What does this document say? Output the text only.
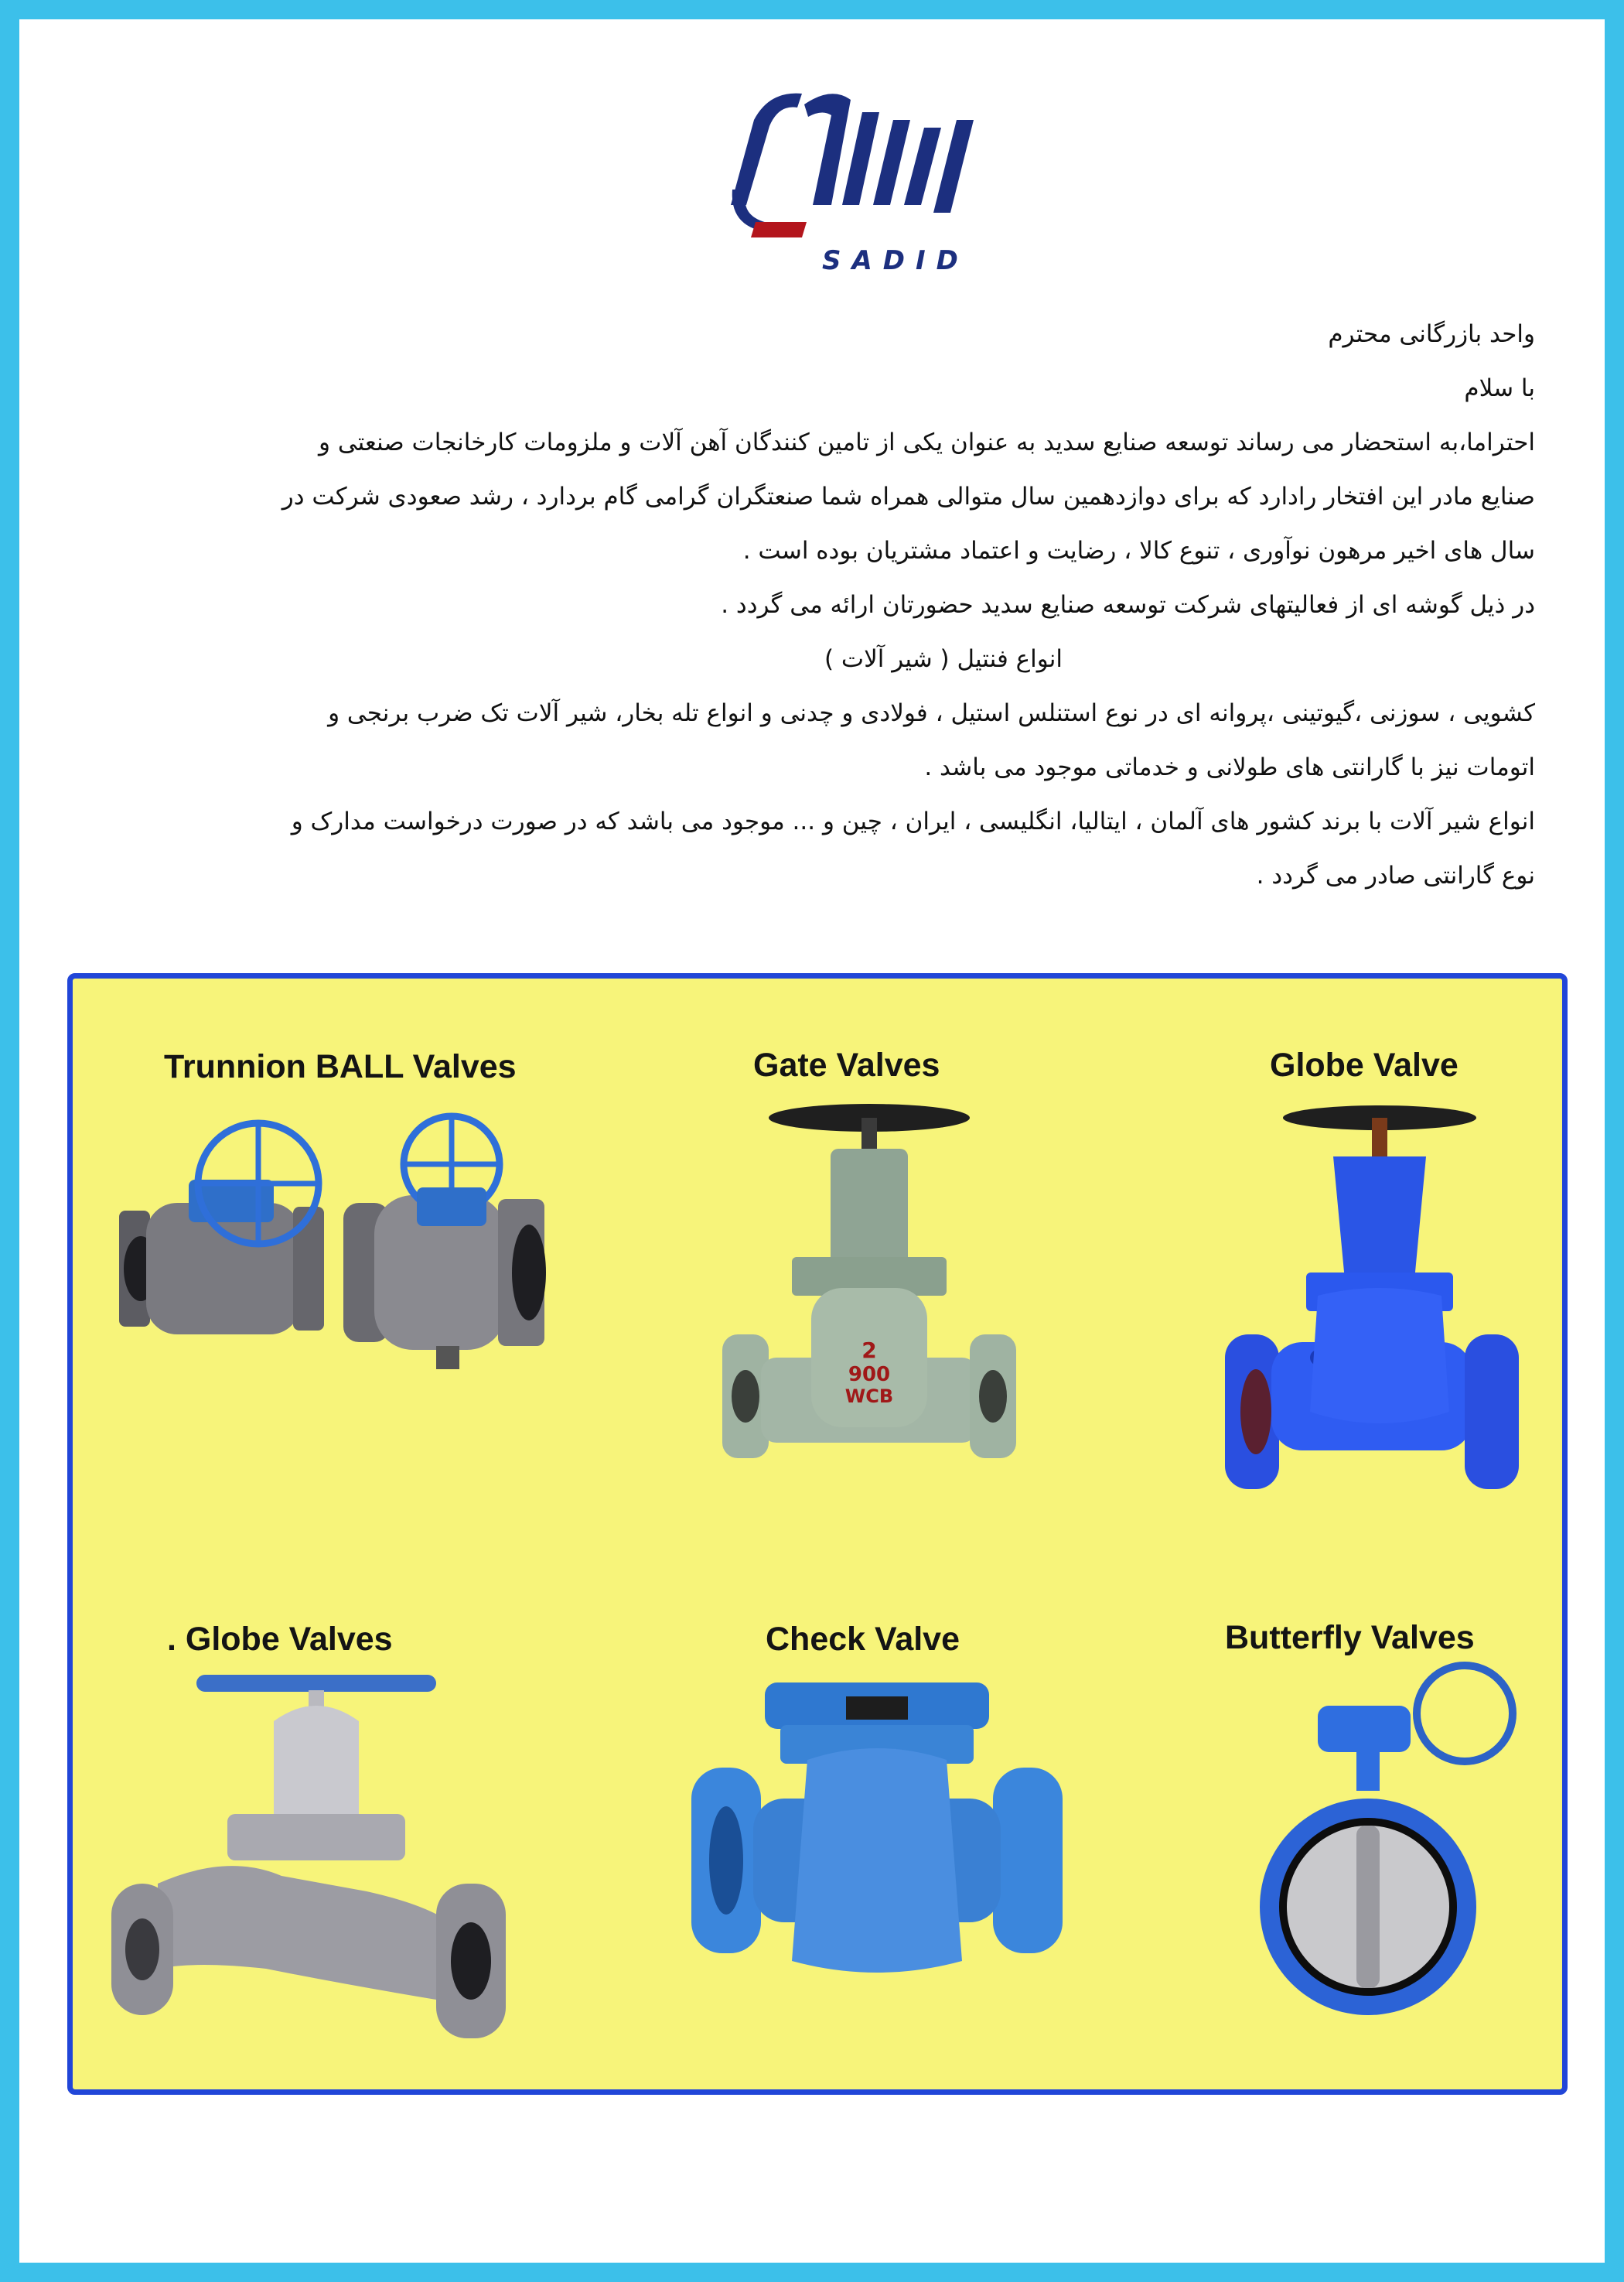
SADID

واحد بازرگانی محترم

با سلام

احتراما،به استحضار می رساند توسعه صنایع سدید به عنوان یکی از تامین کنندگان آهن آلات و ملزومات کارخانجات صنعتی و

صنایع مادر این افتخار رادارد که برای دوازدهمین سال متوالی همراه شما صنعتگران گرامی گام بردارد ، رشد صعودی شرکت در

سال های اخیر مرهون نوآوری ، تنوع کالا ، رضایت و اعتماد مشتریان بوده است .

در ذیل گوشه ای از فعالیتهای شرکت توسعه صنایع سدید حضورتان ارائه می گردد .

انواع فنتیل ( شیر آلات )

کشویی ، سوزنی ،گیوتینی ،پروانه ای در نوع استنلس استیل ، فولادی و چدنی و انواع تله بخار، شیر آلات تک ضرب برنجی و

اتومات نیز با گارانتی های طولانی و خدماتی موجود می باشد .

انواع شیر آلات با برند کشور های آلمان ، ایتالیا، انگلیسی ، ایران ، چین و ... موجود می باشد که در صورت درخواست مدارک و

نوع گارانتی صادر می گردد .

Trunnion BALL Valves	Gate Valves
2
900
WCB
Globe Valve
. Globe Valves	Check Valve	Butterfly Valves
